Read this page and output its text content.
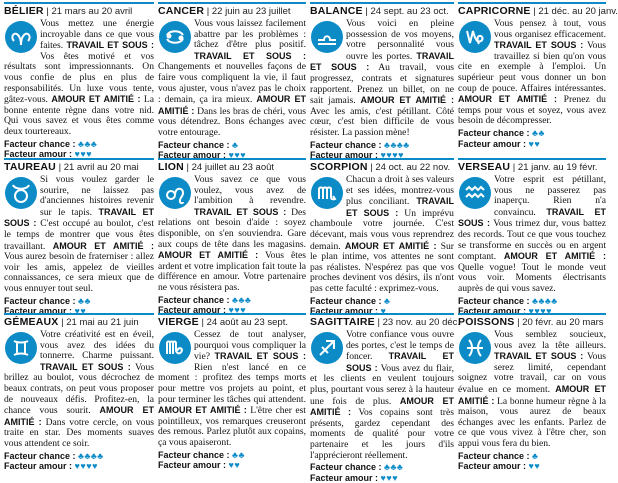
BÉLIER | 21 mars au 20 avril
Vous mettez une énergie incroyable dans ce que vous faites. TRAVAIL ET SOUS : Vos êtes motivé et vos résultats sont impressionnants. On vous confie de plus en plus de responsabilités. Un luxe vous tente, gâtez-vous. AMOUR ET AMITIÉ : La bonne entente règne dans votre nid. Qui vous savez et vous êtes comme deux tourtereaux.
Facteur chance : ♣♣♣
Facteur amour : ♥♥♥
CANCER | 22 juin au 23 juillet
Vous vous laissez facilement abattre par les problèmes : tâchez d'être plus positif. TRAVAIL ET SOUS : Changements et nouvelles façons de faire vous compliquent la vie, il faut vous ajuster, vous n'avez pas le choix : demain, ça ira mieux. AMOUR ET AMITIÉ : Dans les bras de chéri, vous vous détendrez. Bons échanges avec votre entourage.
Facteur chance : ♣
Facteur amour : ♥♥♥
BALANCE | 24 sept. au 23 oct.
Vous voici en pleine possession de vos moyens, votre personnalité vous ouvre les portes. TRAVAIL ET SOUS : Au travail, vous progressez, contrats et signatures rapportent. Prenez un billet, on ne sait jamais. AMOUR ET AMITIÉ : Avec les amis, c'est pétillant. Côté cœur, c'est bien difficile de vous résister. La passion mène!
Facteur chance : ♣♣♣♣
Facteur amour : ♥♥♥♥
CAPRICORNE | 21 déc. au 20 janv.
Vous pensez à tout, vous vous organisez efficacement. TRAVAIL ET SOUS : Vous travaillez si bien qu'on vous cite en exemple à l'emploi. Un supérieur peut vous donner un bon coup de pouce. Affaires intéressantes. AMOUR ET AMITIÉ : Prenez du temps pour vous et soyez, vous avez besoin de décompresser.
Facteur chance : ♣♣
Facteur amour : ♥♥
TAUREAU | 21 avril au 20 mai
Si vous voulez garder le sourire, ne laissez pas d'anciennes histoires revenir sur le tapis. TRAVAIL ET SOUS : C'est occupé au boulot, c'est le temps de montrer que vous êtes travaillant. AMOUR ET AMITIÉ : Vous aurez besoin de fraterniser : allez voir les amis, appelez de vieilles connaissances, ce sera mieux que de vous ennuyer tout seul.
Facteur chance : ♣♣
Facteur amour : ♥♥
LION | 24 juillet au 23 août
Vous savez ce que vous voulez, vous avez de l'ambition à revendre. TRAVAIL ET SOUS : Des relations ont besoin d'aide : soyez disponible, on s'en souviendra. Gare aux coups de tête dans les magasins. AMOUR ET AMITIÉ : Vous êtes ardent et votre implication fait toute la différence en amour. Votre partenaire ne vous résistera pas.
Facteur chance : ♣♣♣
Facteur amour : ♥♥♥
SCORPION | 24 oct. au 22 nov.
Chacun a droit à ses valeurs et ses idées, montrez-vous plus conciliant. TRAVAIL ET SOUS : Un imprévu chamboule votre journée. C'est décevant, mais vous vous reprendrez demain. AMOUR ET AMITIÉ : Sur le plan intime, vos attentes ne sont pas réalistes. N'espérez pas que vos proches devinent vos désirs, ils n'ont pas cette faculté : exprimez-vous.
Facteur chance : ♣
Facteur amour : ♥
VERSEAU | 21 janv. au 19 févr.
Votre esprit est pétillant, vous ne passerez pas inaperçu. Rien n'a convaincu. TRAVAIL ET SOUS : Vous trimez dur, vous battez des records. Tout ce que vous touchez se transforme en succès ou en argent comptant. AMOUR ET AMITIÉ : Quelle vogue! Tout le monde veut vous voir. Moments électrisants auprès de qui vous savez.
Facteur chance : ♣♣♣♣
Facteur amour : ♥♥♥♥
GÉMEAUX | 21 mai au 21 juin
Votre créativité est en éveil, vous avez des idées du tonnerre. Charme puissant. TRAVAIL ET SOUS : Vous brillez au boulot, vous décrochez de beaux contrats, on peut vous proposer de nouveaux défis. Profitez-en, la chance vous sourit. AMOUR ET AMITIÉ : Dans votre cercle, on vous traite en star. Des moments suaves vous attendent ce soir.
Facteur chance : ♣♣♣♣
Facteur amour : ♥♥♥♥
VIERGE | 24 août au 23 sept.
Cessez de tout analyser, pourquoi vous compliquer la vie? TRAVAIL ET SOUS : Rien n'est lancé en ce moment : profitez des temps morts pour mettre vos projets au point, et pour terminer les tâches qui attendent. AMOUR ET AMITIÉ : L'être cher est pointilleux, vos remarques creuseront des remous. Parlez plutôt aux copains, ça vous apaiseront.
Facteur chance : ♣♣
Facteur amour : ♥♥
SAGITTAIRE | 23 nov. au 20 déc.
Votre confiance vous ouvre des portes, c'est le temps de foncer. TRAVAIL ET SOUS : Vous avez du flair, et les clients en veulent toujours plus, pourtant vous serez à la hauteur une fois de plus. AMOUR ET AMITIÉ : Vos copains sont très présents, gardez cependant des moments de qualité pour votre partenaire et les jours d'ils l'apprécieront réellement.
Facteur chance : ♣♣♣
Facteur amour : ♥♥♥
POISSONS | 20 févr. au 20 mars
Vous semblez soucieux, vous avez la tête ailleurs. TRAVAIL ET SOUS : Vous serez limité, cependant soignez votre travail, car on vous évalue en ce moment. AMOUR ET AMITIÉ : La bonne humeur règne à la maison, vous aurez de beaux échanges avec les enfants. Parlez de ce que vous vivez à l'être cher, son appui vous fera du bien.
Facteur chance : ♣
Facteur amour : ♥♥
